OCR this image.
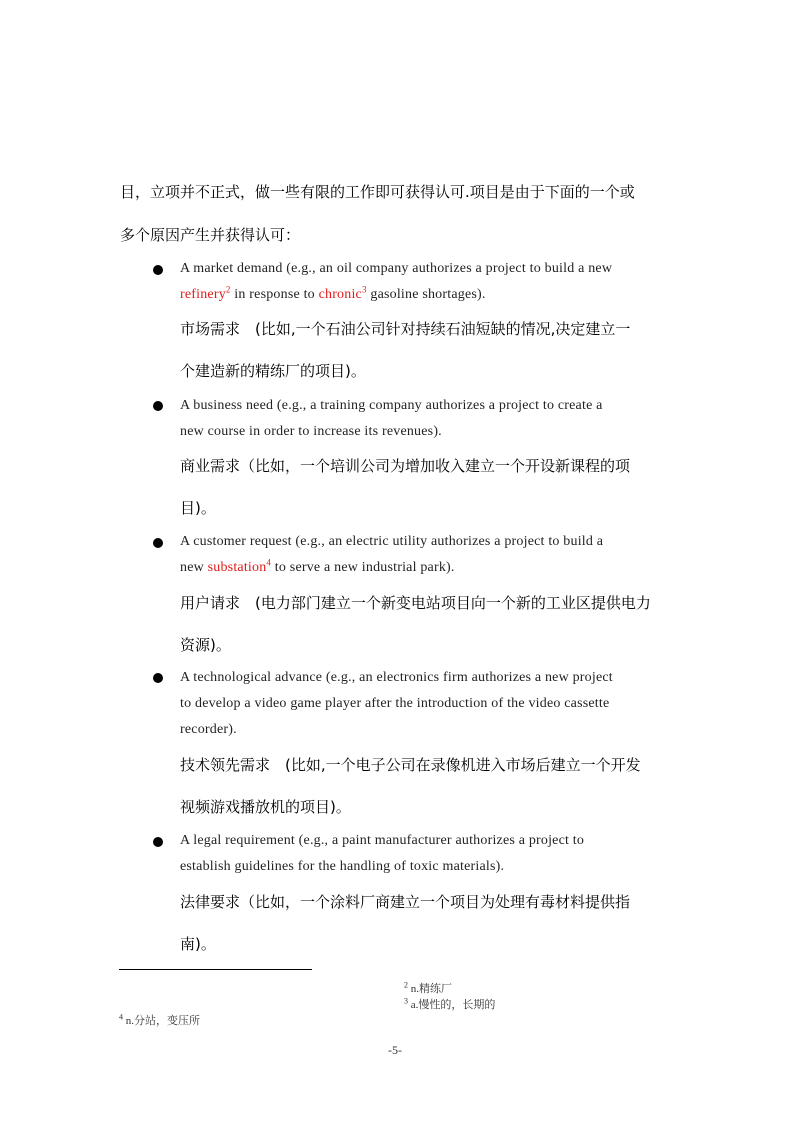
目，立项并不正式，做一些有限的工作即可获得认可.项目是由于下面的一个或

多个原因产生并获得认可：

A market demand (e.g., an oil company authorizes a project to build a new

refinery$^2$ in response to chronic$^3$ gasoline shortages).

市场需求　(比如,一个石油公司针对持续石油短缺的情况,决定建立一

个建造新的精练厂的项目)。

A business need (e.g., a training company authorizes a project to create a

new course in order to increase its revenues).

商业需求（比如，一个培训公司为增加收入建立一个开设新课程的项

目)。

A customer request (e.g., an electric utility authorizes a project to build a

new substation$^4$ to serve a new industrial park).

用户请求　(电力部门建立一个新变电站项目向一个新的工业区提供电力

资源)。

A technological advance (e.g., an electronics firm authorizes a new project

to develop a video game player after the introduction of the video cassette

recorder).

技术领先需求　(比如,一个电子公司在录像机进入市场后建立一个开发

视频游戏播放机的项目)。

A legal requirement (e.g., a paint manufacturer authorizes a project to

establish guidelines for the handling of toxic materials).

法律要求（比如，一个涂料厂商建立一个项目为处理有毒材料提供指

南)。

$^2$ n.精练厂

$^3$ a.慢性的，长期的

$^4$ n.分站，变压所

-5-
